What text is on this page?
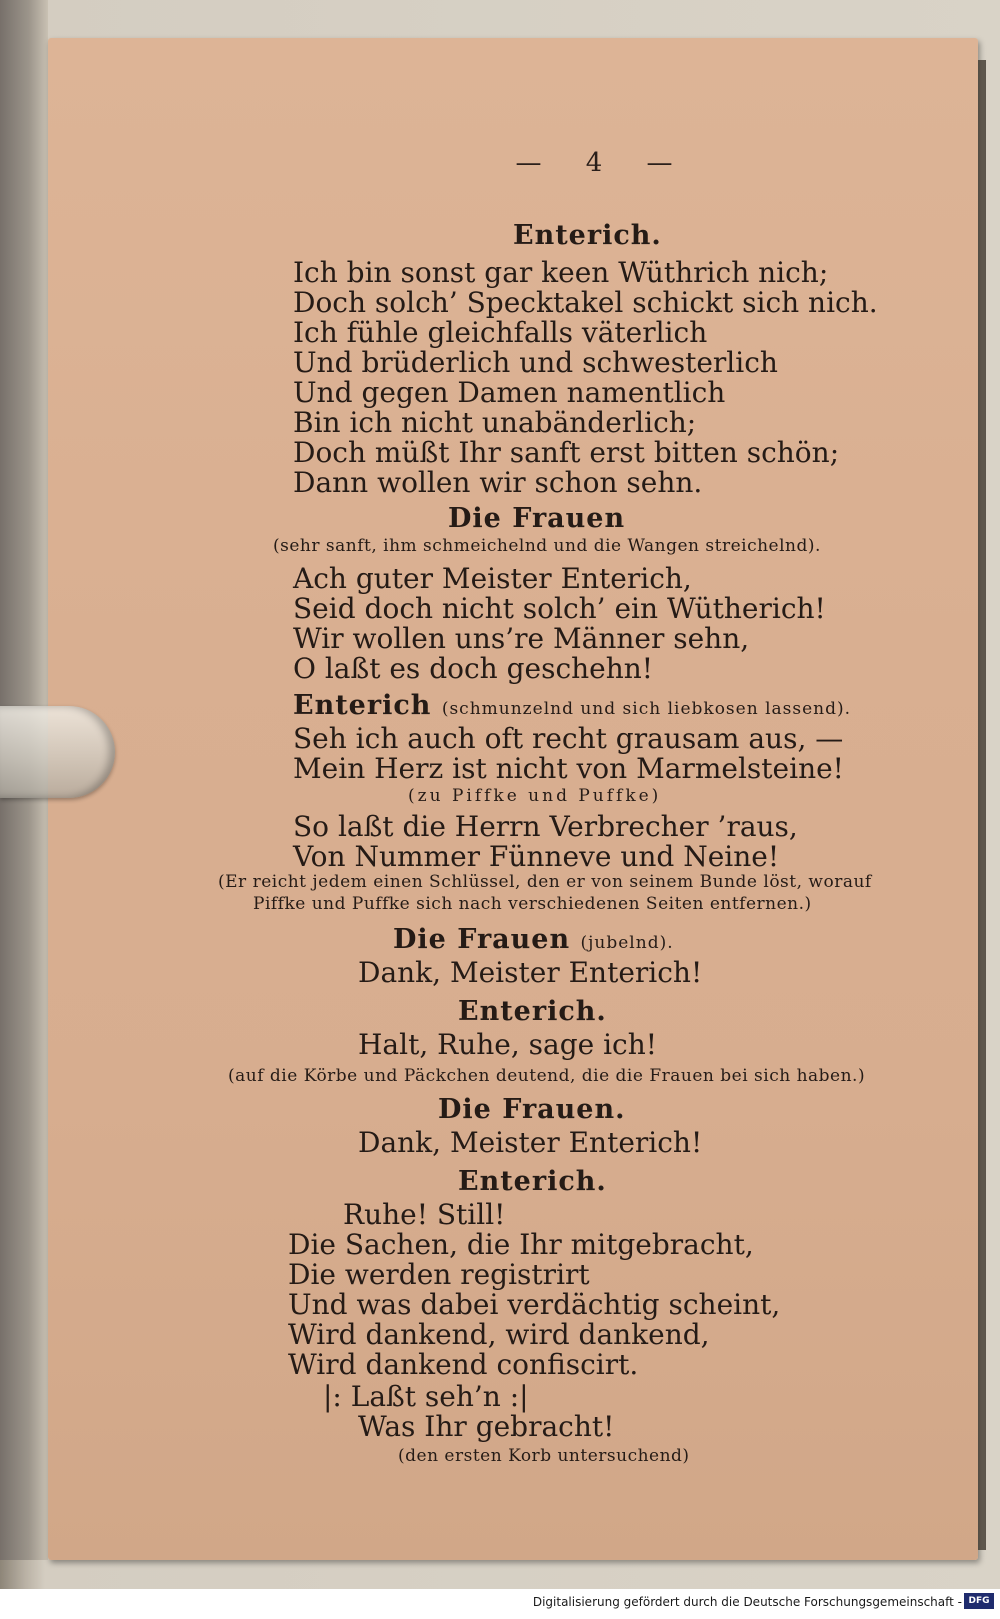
— 4 —
Enterich.
Ich bin sonst gar keen Wüthrich nich;
Doch solch’ Specktakel schickt sich nich.
Ich fühle gleichfalls väterlich
Und brüderlich und schwesterlich
Und gegen Damen namentlich
Bin ich nicht unabänderlich;
Doch müßt Ihr sanft erst bitten schön;
Dann wollen wir schon sehn.
Die Frauen
(sehr sanft, ihm schmeichelnd und die Wangen streichelnd).
Ach guter Meister Enterich,
Seid doch nicht solch’ ein Wütherich!
Wir wollen uns’re Männer sehn,
O laßt es doch geschehn!
Enterich (schmunzelnd und sich liebkosen lassend).
Seh ich auch oft recht grausam aus, —
Mein Herz ist nicht von Marmelsteine!
(zu Piffke und Puffke)
So laßt die Herrn Verbrecher ’raus,
Von Nummer Fünneve und Neine!
(Er reicht jedem einen Schlüssel, den er von seinem Bunde löst, worauf
Piffke und Puffke sich nach verschiedenen Seiten entfernen.)
Die Frauen (jubelnd).
Dank, Meister Enterich!
Enterich.
Halt, Ruhe, sage ich!
(auf die Körbe und Päckchen deutend, die die Frauen bei sich haben.)
Die Frauen.
Dank, Meister Enterich!
Enterich.
Ruhe! Still!
Die Sachen, die Ihr mitgebracht,
Die werden registrirt
Und was dabei verdächtig scheint,
Wird dankend, wird dankend,
Wird dankend confiscirt.
|: Laßt seh’n :|
Was Ihr gebracht!
(den ersten Korb untersuchend)
Digitalisierung gefördert durch die Deutsche Forschungsgemeinschaft - DFG
